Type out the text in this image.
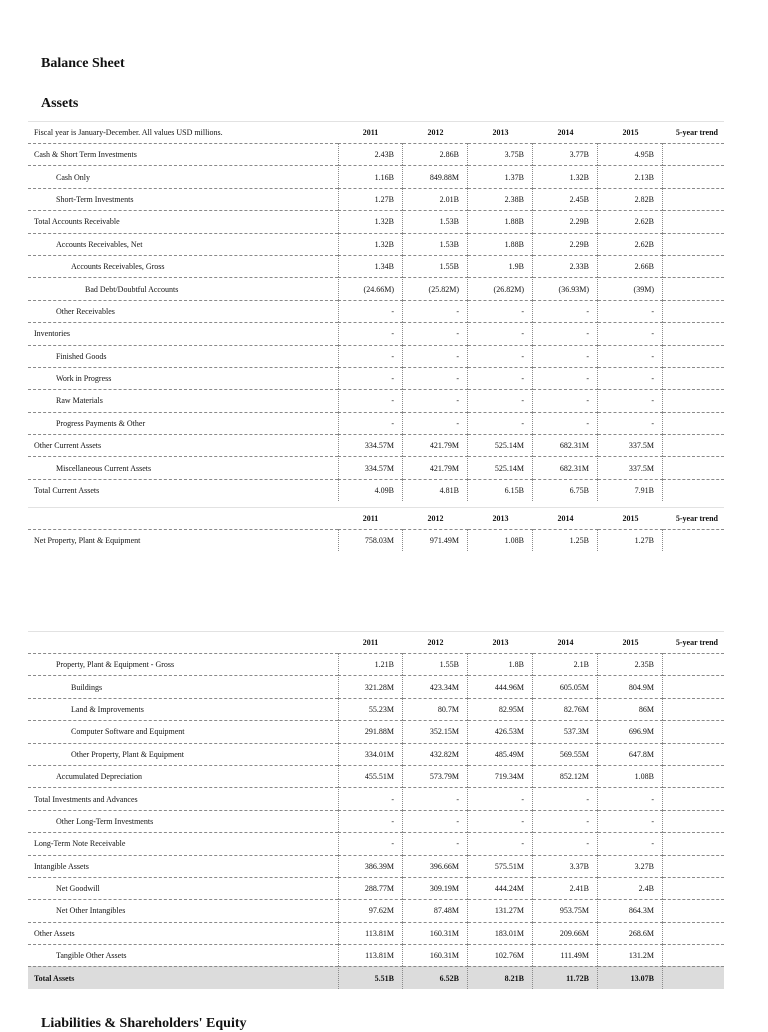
Balance Sheet
Assets
Fiscal year is January-December. All values USD millions.	2011	2012	2013	2014	2015	5-year trend
Cash & Short Term Investments	2.43B	2.86B	3.75B	3.77B	4.95B	
Cash Only	1.16B	849.88M	1.37B	1.32B	2.13B	
Short-Term Investments	1.27B	2.01B	2.38B	2.45B	2.82B	
Total Accounts Receivable	1.32B	1.53B	1.88B	2.29B	2.62B	
Accounts Receivables, Net	1.32B	1.53B	1.88B	2.29B	2.62B	
Accounts Receivables, Gross	1.34B	1.55B	1.9B	2.33B	2.66B	
Bad Debt/Doubtful Accounts	(24.66M)	(25.82M)	(26.82M)	(36.93M)	(39M)	
Other Receivables	-	-	-	-	-	
Inventories	-	-	-	-	-	
Finished Goods	-	-	-	-	-	
Work in Progress	-	-	-	-	-	
Raw Materials	-	-	-	-	-	
Progress Payments & Other	-	-	-	-	-	
Other Current Assets	334.57M	421.79M	525.14M	682.31M	337.5M	
Miscellaneous Current Assets	334.57M	421.79M	525.14M	682.31M	337.5M	
Total Current Assets	4.09B	4.81B	6.15B	6.75B	7.91B	
	2011	2012	2013	2014	2015	5-year trend
Net Property, Plant & Equipment	758.03M	971.49M	1.08B	1.25B	1.27B	
	2011	2012	2013	2014	2015	5-year trend
Property, Plant & Equipment - Gross	1.21B	1.55B	1.8B	2.1B	2.35B	
Buildings	321.28M	423.34M	444.96M	605.05M	804.9M	
Land & Improvements	55.23M	80.7M	82.95M	82.76M	86M	
Computer Software and Equipment	291.88M	352.15M	426.53M	537.3M	696.9M	
Other Property, Plant & Equipment	334.01M	432.82M	485.49M	569.55M	647.8M	
Accumulated Depreciation	455.51M	573.79M	719.34M	852.12M	1.08B	
Total Investments and Advances	-	-	-	-	-	
Other Long-Term Investments	-	-	-	-	-	
Long-Term Note Receivable	-	-	-	-	-	
Intangible Assets	386.39M	396.66M	575.51M	3.37B	3.27B	
Net Goodwill	288.77M	309.19M	444.24M	2.41B	2.4B	
Net Other Intangibles	97.62M	87.48M	131.27M	953.75M	864.3M	
Other Assets	113.81M	160.31M	183.01M	209.66M	268.6M	
Tangible Other Assets	113.81M	160.31M	102.76M	111.49M	131.2M	
Total Assets	5.51B	6.52B	8.21B	11.72B	13.07B	
Liabilities & Shareholders' Equity
